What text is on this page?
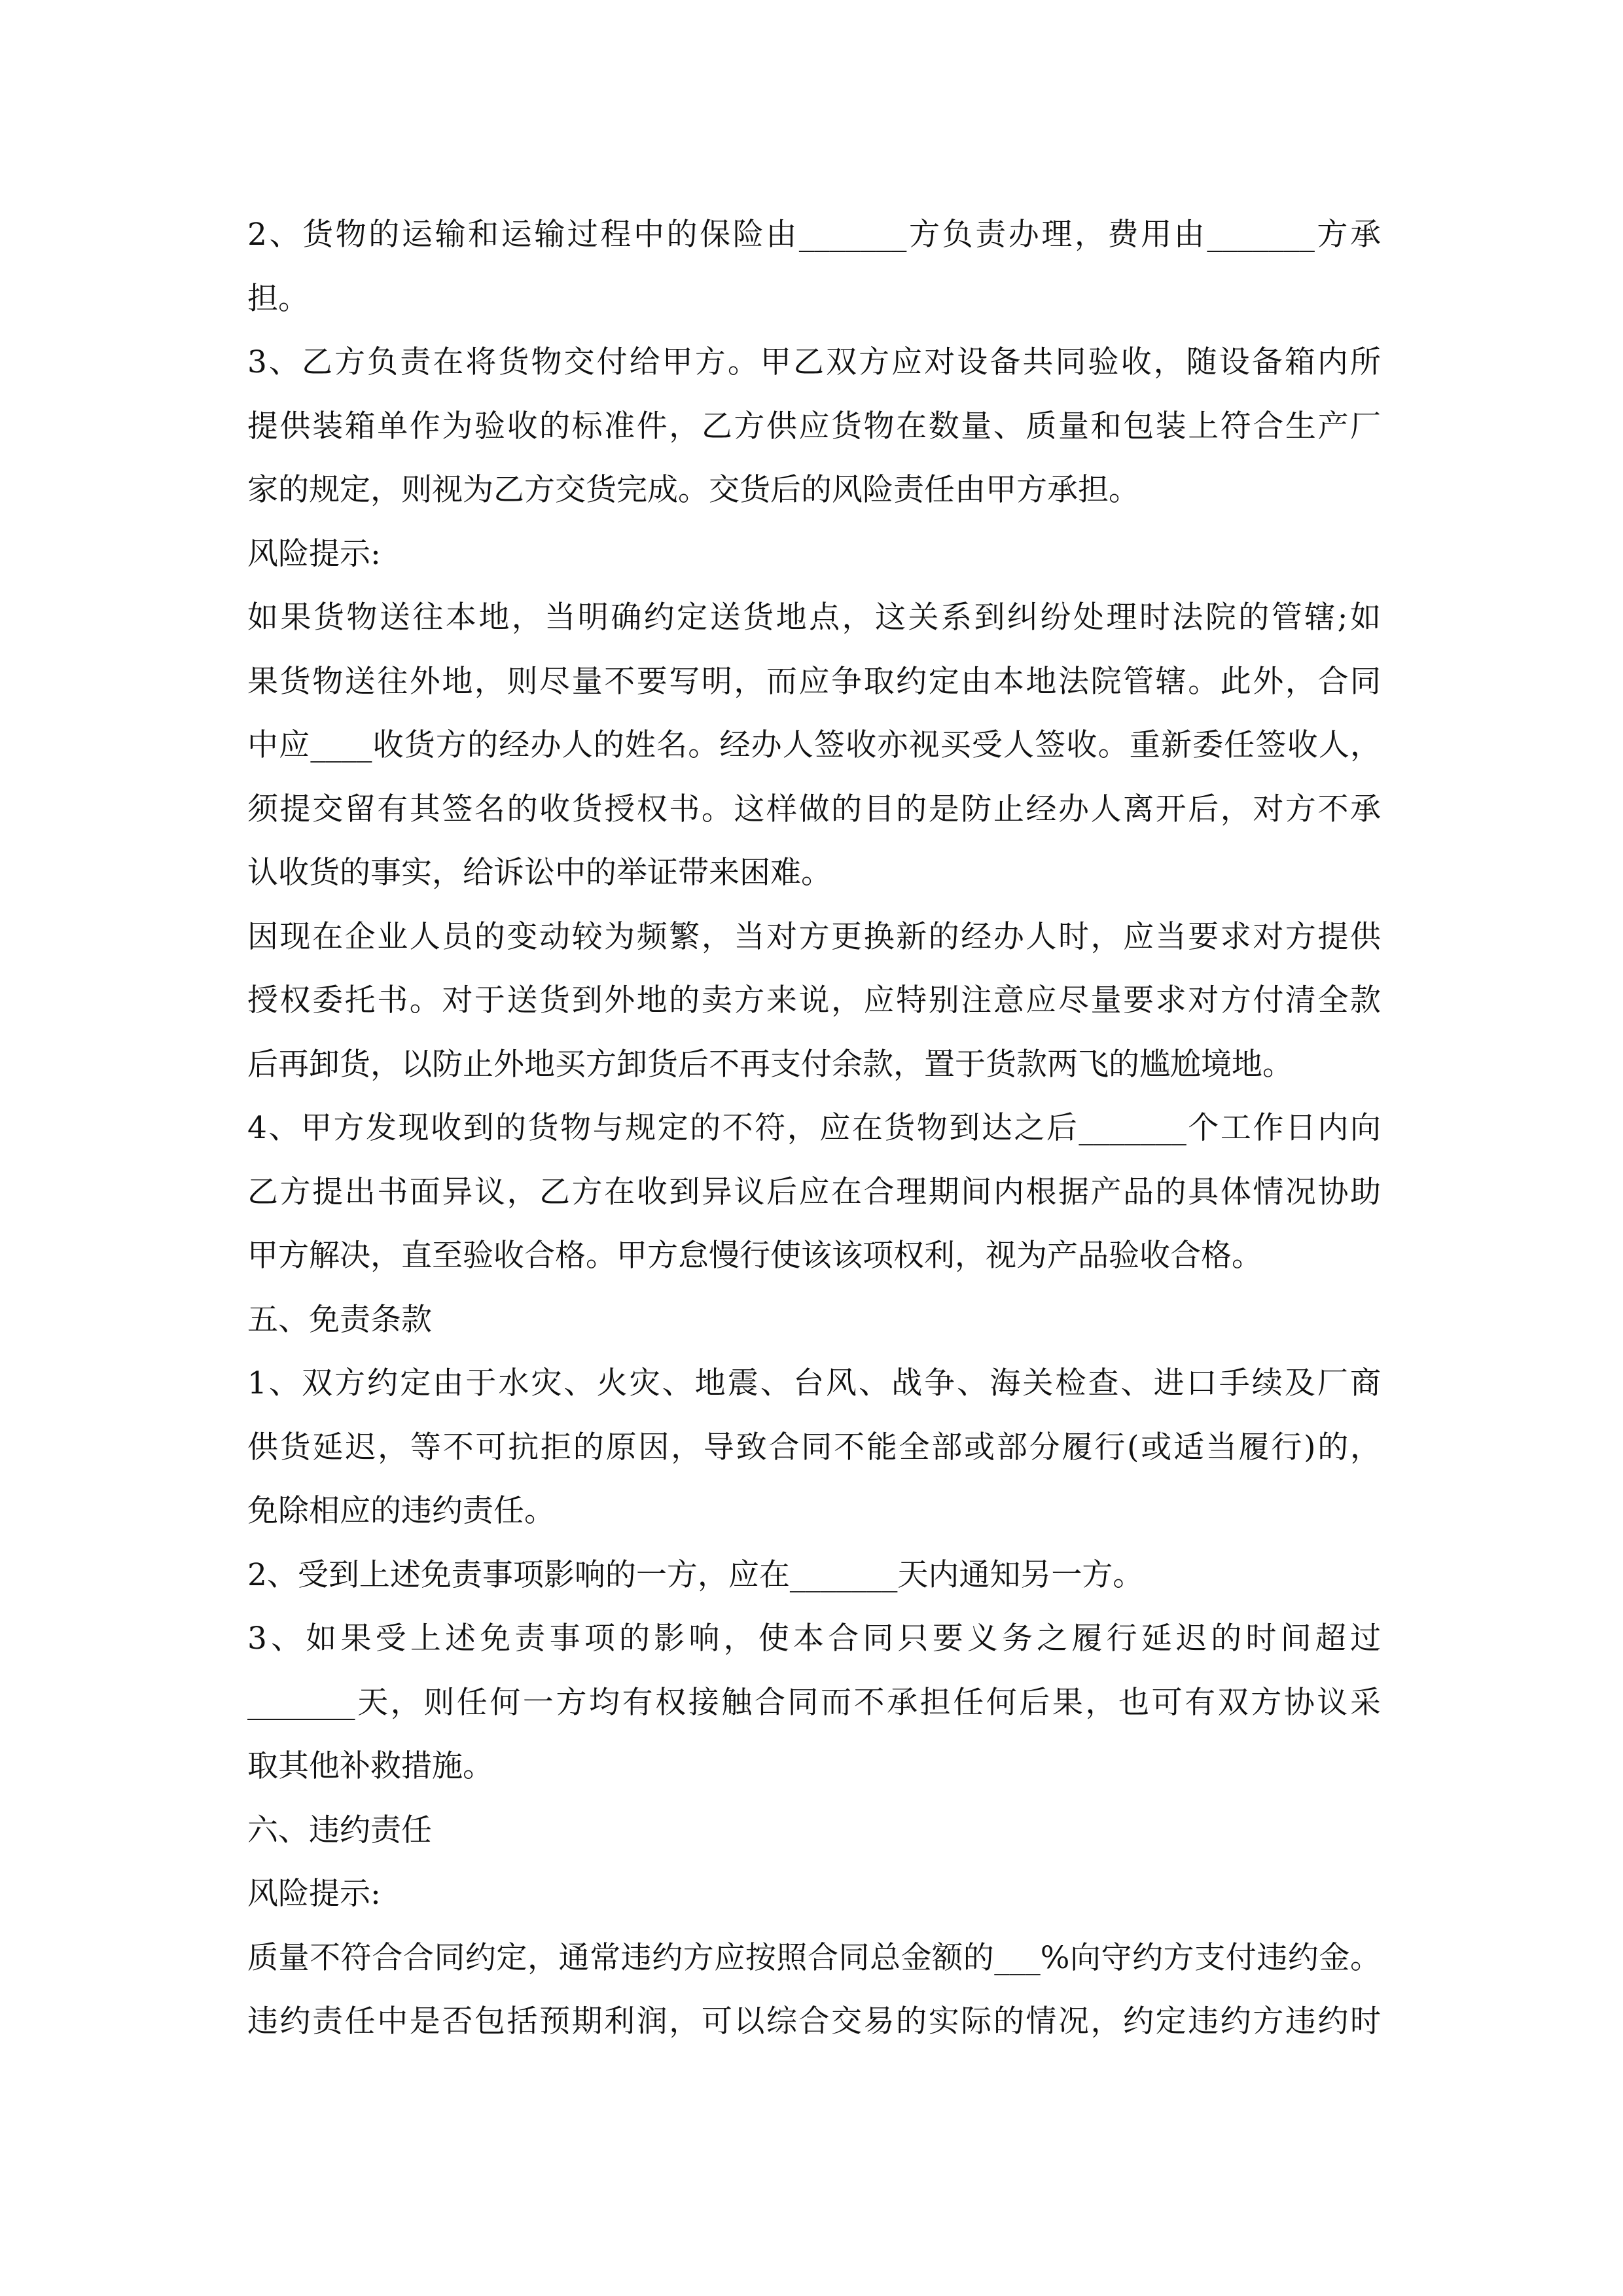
2、货物的运输和运输过程中的保险由_______方负责办理，费用由_______方承
担。
3、乙方负责在将货物交付给甲方。甲乙双方应对设备共同验收，随设备箱内所
提供装箱单作为验收的标准件，乙方供应货物在数量、质量和包装上符合生产厂
家的规定，则视为乙方交货完成。交货后的风险责任由甲方承担。
风险提示:
如果货物送往本地，当明确约定送货地点，这关系到纠纷处理时法院的管辖;如
果货物送往外地，则尽量不要写明，而应争取约定由本地法院管辖。此外，合同
中应____收货方的经办人的姓名。经办人签收亦视买受人签收。重新委任签收人，
须提交留有其签名的收货授权书。这样做的目的是防止经办人离开后，对方不承
认收货的事实，给诉讼中的举证带来困难。
因现在企业人员的变动较为频繁，当对方更换新的经办人时，应当要求对方提供
授权委托书。对于送货到外地的卖方来说，应特别注意应尽量要求对方付清全款
后再卸货，以防止外地买方卸货后不再支付余款，置于货款两飞的尴尬境地。
4、甲方发现收到的货物与规定的不符，应在货物到达之后_______个工作日内向
乙方提出书面异议，乙方在收到异议后应在合理期间内根据产品的具体情况协助
甲方解决，直至验收合格。甲方怠慢行使该该项权利，视为产品验收合格。
五、免责条款
1、双方约定由于水灾、火灾、地震、台风、战争、海关检查、进口手续及厂商
供货延迟，等不可抗拒的原因，导致合同不能全部或部分履行(或适当履行)的，
免除相应的违约责任。
2、受到上述免责事项影响的一方，应在_______天内通知另一方。
3、如果受上述免责事项的影响，使本合同只要义务之履行延迟的时间超过
_______天，则任何一方均有权接触合同而不承担任何后果，也可有双方协议采
取其他补救措施。
六、违约责任
风险提示:
质量不符合合同约定，通常违约方应按照合同总金额的___%向守约方支付违约金。
违约责任中是否包括预期利润，可以综合交易的实际的情况，约定违约方违约时
